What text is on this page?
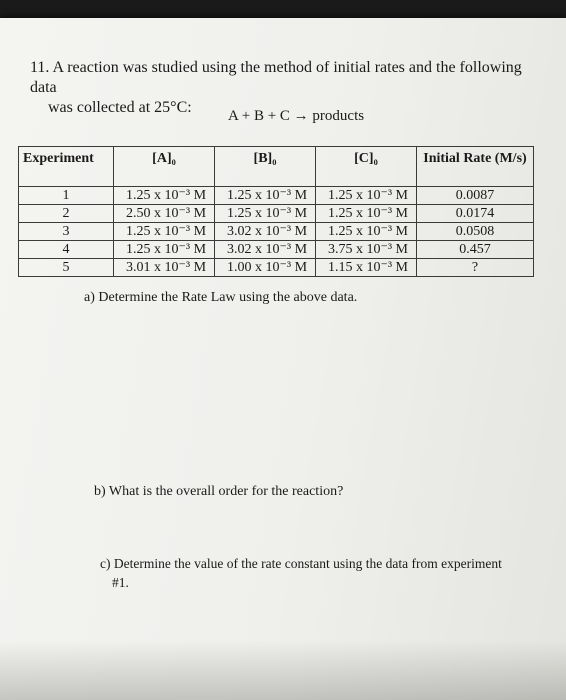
11. A reaction was studied using the method of initial rates and the following data
was collected at 25°C:	A + B + C → products
Experiment	[A]₀	[B]₀	[C]₀	Initial Rate (M/s)
1	1.25 x 10⁻³ M	1.25 x 10⁻³ M	1.25 x 10⁻³ M	0.0087
2	2.50 x 10⁻³ M	1.25 x 10⁻³ M	1.25 x 10⁻³ M	0.0174
3	1.25 x 10⁻³ M	3.02 x 10⁻³ M	1.25 x 10⁻³ M	0.0508
4	1.25 x 10⁻³ M	3.02 x 10⁻³ M	3.75 x 10⁻³ M	0.457
5	3.01 x 10⁻³ M	1.00 x 10⁻³ M	1.15 x 10⁻³ M	?
a) Determine the Rate Law using the above data.
b) What is the overall order for the reaction?
c) Determine the value of the rate constant using the data from experiment
#1.
